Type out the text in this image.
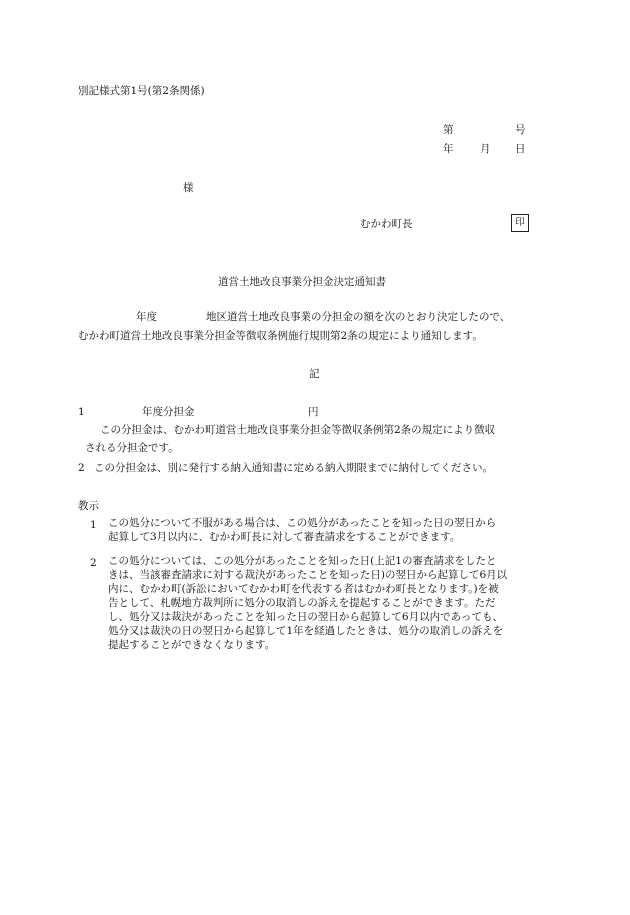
別記様式第1号(第2条関係)
第	号
年	月 日
様
むかわ町長	印
道営土地改良事業分担金決定通知書
年度	地区道営土地改良事業の分担金の額を次のとおり決定したので、
むかわ町道営土地改良事業分担金等徴収条例施行規則第2条の規定により通知します。
記
1	年度分担金	円
この分担金は、むかわ町道営土地改良事業分担金等徴収条例第2条の規定により徴収
される分担金です。
2 この分担金は、別に発行する納入通知書に定める納入期限までに納付してください。
教示
1	この処分について不服がある場合は、この処分があったことを知った日の翌日から
起算して3月以内に、むかわ町長に対して審査請求をすることができます。
2	この処分については、この処分があったことを知った日(上記1の審査請求をしたと
きは、当該審査請求に対する裁決があったことを知った日)の翌日から起算して6月以
内に、むかわ町(訴訟においてむかわ町を代表する者はむかわ町長となります。)を被
告として、札幌地方裁判所に処分の取消しの訴えを提起することができます。ただ
し、処分又は裁決があったことを知った日の翌日から起算して6月以内であっても、
処分又は裁決の日の翌日から起算して1年を経過したときは、処分の取消しの訴えを
提起することができなくなります。
